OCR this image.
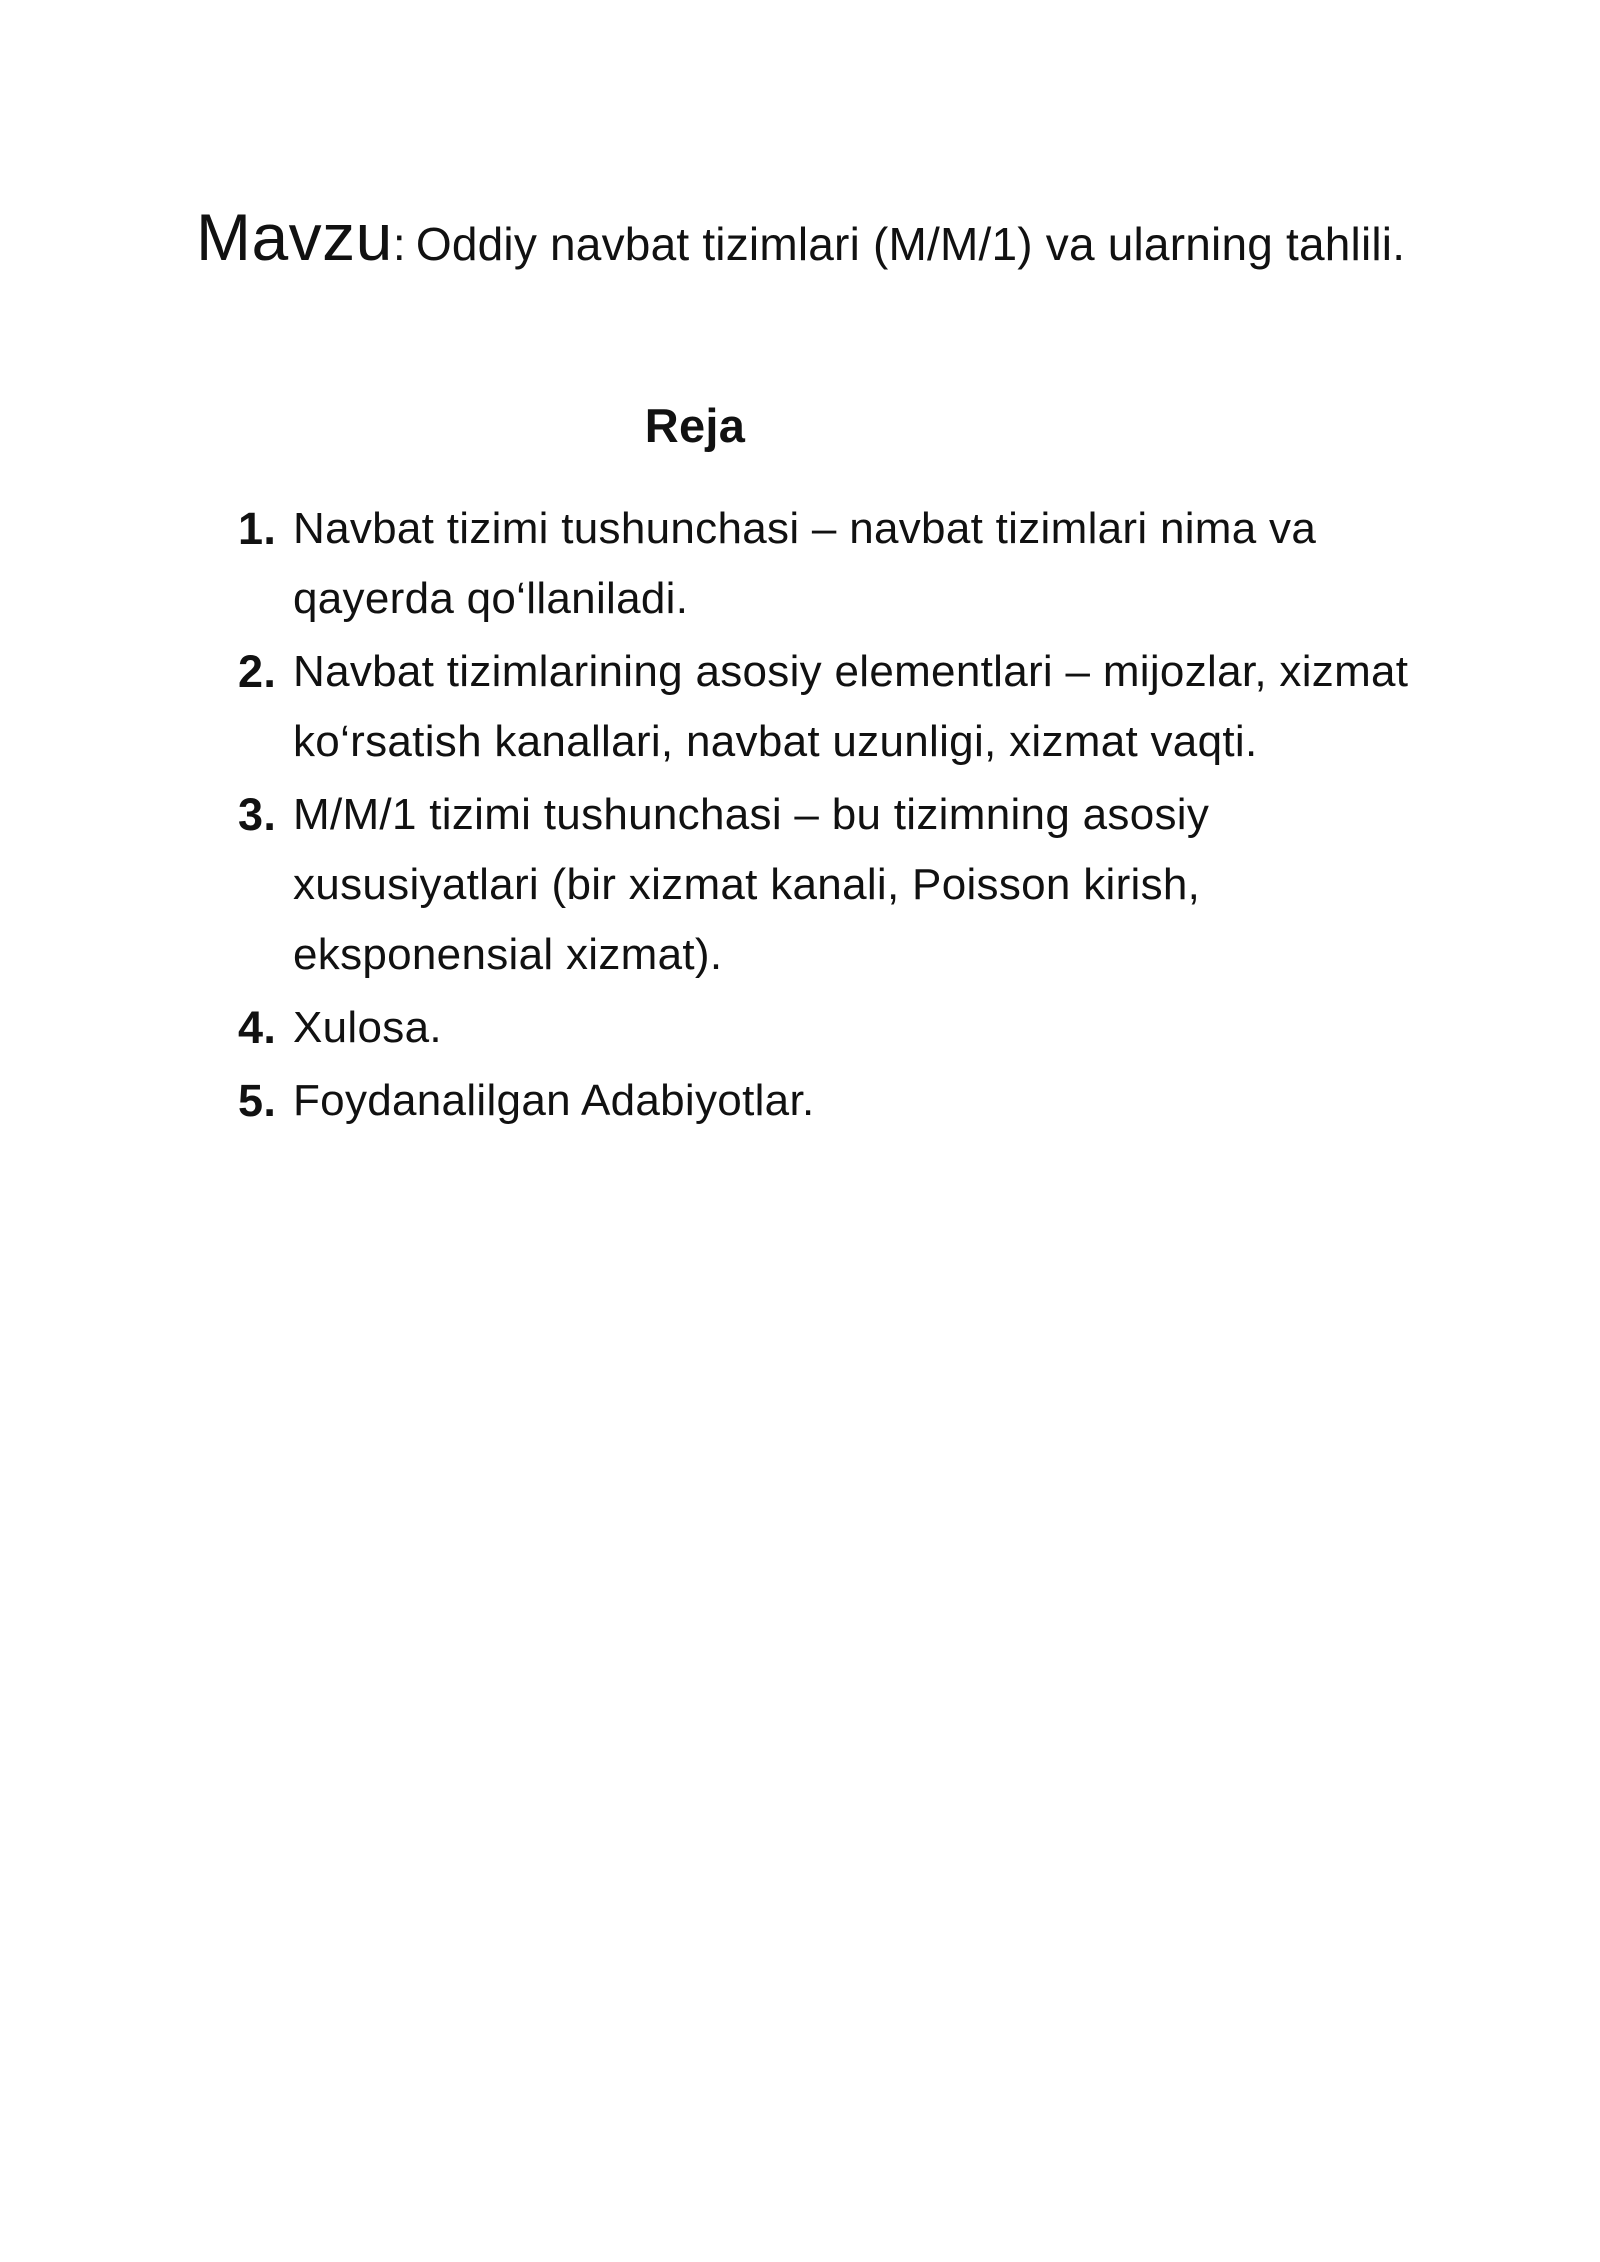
Mavzu: Oddiy navbat tizimlari (M/M/1) va ularning tahlili.
Reja
1. Navbat tizimi tushunchasi – navbat tizimlari nima va qayerda qo‘llaniladi.
2. Navbat tizimlarining asosiy elementlari – mijozlar, xizmat ko‘rsatish kanallari, navbat uzunligi, xizmat vaqti.
3. M/M/1 tizimi tushunchasi – bu tizimning asosiy xususiyatlari (bir xizmat kanali, Poisson kirish, eksponensial xizmat).
4. Xulosa.
5. Foydanalilgan Adabiyotlar.
